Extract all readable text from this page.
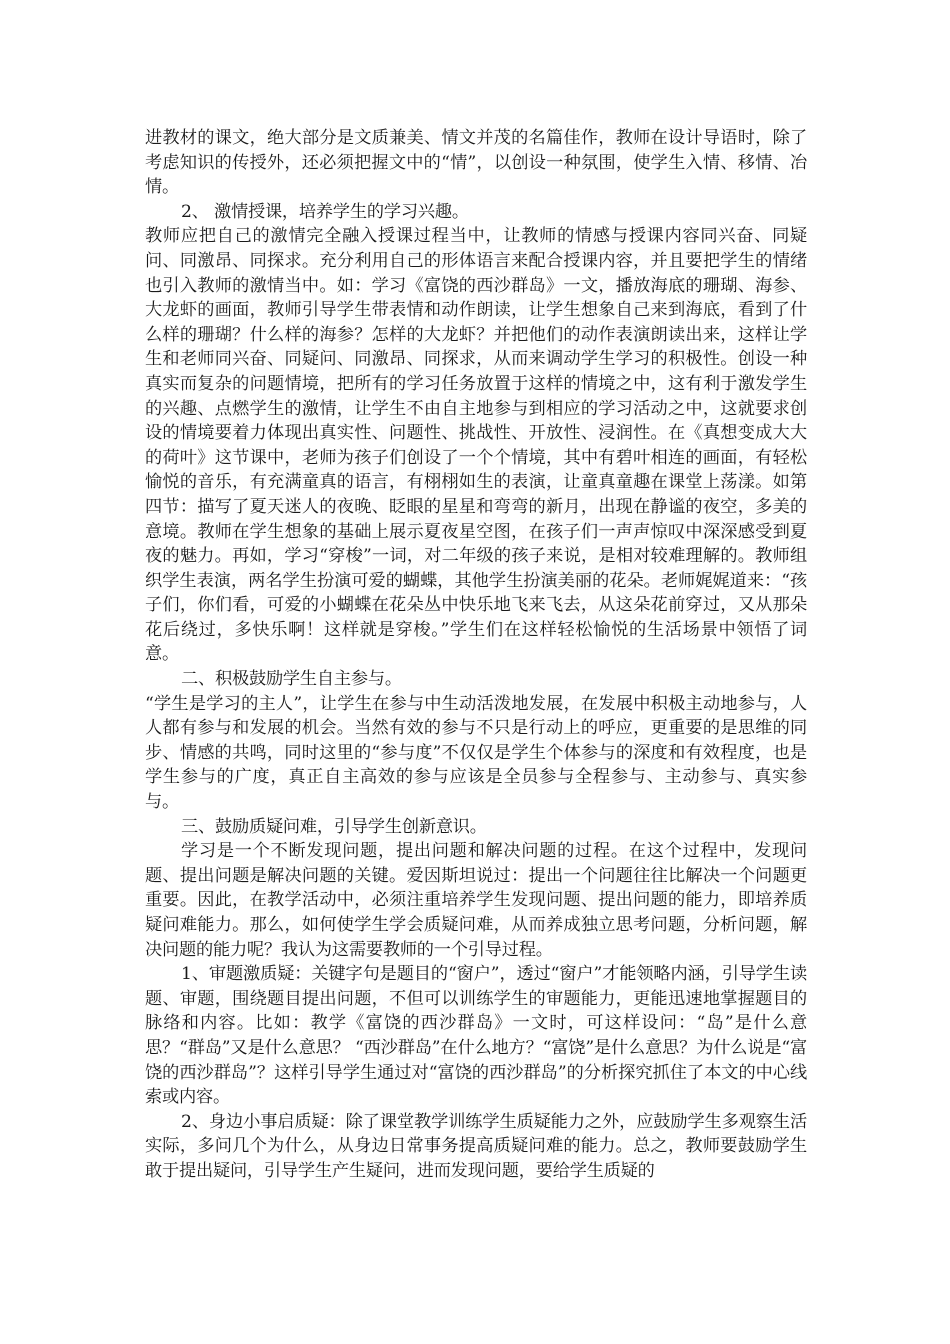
进教材的课文，绝大部分是文质兼美、情文并茂的名篇佳作，教师在设计导语时，除了考虑知识的传授外，还必须把握文中的“情”，以创设一种氛围，使学生入情、移情、冶情。

2、 激情授课，培养学生的学习兴趣。

教师应把自己的激情完全融入授课过程当中，让教师的情感与授课内容同兴奋、同疑问、同激昂、同探求。充分利用自己的形体语言来配合授课内容，并且要把学生的情绪也引入教师的激情当中。如：学习《富饶的西沙群岛》一文，播放海底的珊瑚、海参、大龙虾的画面，教师引导学生带表情和动作朗读，让学生想象自己来到海底，看到了什么样的珊瑚？什么样的海参？怎样的大龙虾？并把他们的动作表演朗读出来，这样让学生和老师同兴奋、同疑问、同激昂、同探求，从而来调动学生学习的积极性。创设一种真实而复杂的问题情境，把所有的学习任务放置于这样的情境之中，这有利于激发学生的兴趣、点燃学生的激情，让学生不由自主地参与到相应的学习活动之中，这就要求创设的情境要着力体现出真实性、问题性、挑战性、开放性、浸润性。在《真想变成大大的荷叶》这节课中，老师为孩子们创设了一个个情境，其中有碧叶相连的画面，有轻松愉悦的音乐，有充满童真的语言，有栩栩如生的表演，让童真童趣在课堂上荡漾。如第四节：描写了夏天迷人的夜晚、眨眼的星星和弯弯的新月，出现在静谧的夜空，多美的意境。教师在学生想象的基础上展示夏夜星空图，在孩子们一声声惊叹中深深感受到夏夜的魅力。再如，学习“穿梭”一词，对二年级的孩子来说，是相对较难理解的。教师组织学生表演，两名学生扮演可爱的蝴蝶，其他学生扮演美丽的花朵。老师娓娓道来：“孩子们，你们看，可爱的小蝴蝶在花朵丛中快乐地飞来飞去，从这朵花前穿过，又从那朵花后绕过，多快乐啊！这样就是穿梭。”学生们在这样轻松愉悦的生活场景中领悟了词意。

二、积极鼓励学生自主参与。

“学生是学习的主人”，让学生在参与中生动活泼地发展，在发展中积极主动地参与，人人都有参与和发展的机会。当然有效的参与不只是行动上的呼应，更重要的是思维的同步、情感的共鸣，同时这里的“参与度”不仅仅是学生个体参与的深度和有效程度，也是学生参与的广度，真正自主高效的参与应该是全员参与全程参与、主动参与、真实参与。

三、鼓励质疑问难，引导学生创新意识。

学习是一个不断发现问题，提出问题和解决问题的过程。在这个过程中，发现问题、提出问题是解决问题的关键。爱因斯坦说过：提出一个问题往往比解决一个问题更重要。因此，在教学活动中，必须注重培养学生发现问题、提出问题的能力，即培养质疑问难能力。那么，如何使学生学会质疑问难，从而养成独立思考问题，分析问题，解决问题的能力呢？我认为这需要教师的一个引导过程。

1、审题激质疑：关键字句是题目的“窗户”，透过“窗户”才能领略内涵，引导学生读题、审题，围绕题目提出问题，不但可以训练学生的审题能力，更能迅速地掌握题目的脉络和内容。比如：教学《富饶的西沙群岛》一文时，可这样设问：“岛”是什么意思？“群岛”又是什么意思？ “西沙群岛”在什么地方？“富饶”是什么意思？为什么说是“富饶的西沙群岛”？这样引导学生通过对“富饶的西沙群岛”的分析探究抓住了本文的中心线索或内容。

2、身边小事启质疑：除了课堂教学训练学生质疑能力之外，应鼓励学生多观察生活实际，多问几个为什么，从身边日常事务提高质疑问难的能力。总之，教师要鼓励学生敢于提出疑问，引导学生产生疑问，进而发现问题，要给学生质疑的
